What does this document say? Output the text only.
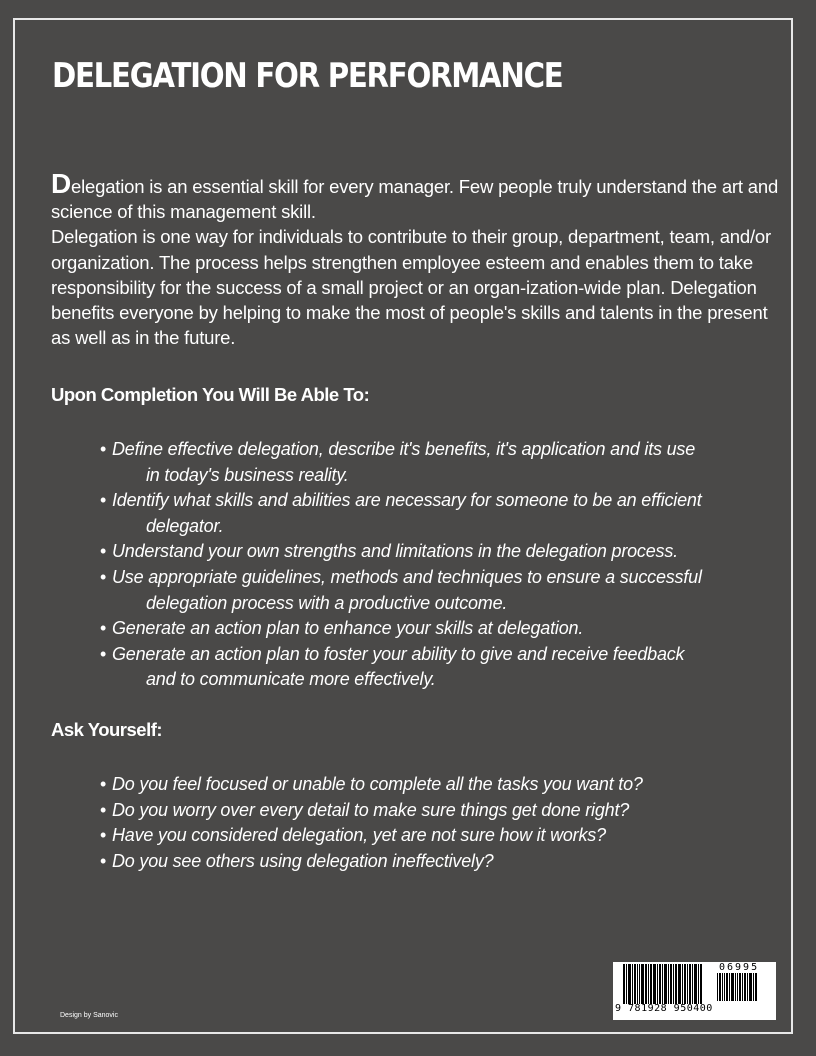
DELEGATION FOR PERFORMANCE

Delegation is an essential skill for every manager. Few people truly understand the art and science of this management skill.

Delegation is one way for individuals to contribute to their group, department, team, and/or organization. The process helps strengthen employee esteem and enables them to take responsibility for the success of a small project or an organ-ization-wide plan. Delegation benefits everyone by helping to make the most of people's skills and talents in the present as well as in the future.

Upon Completion You Will Be Able To:
• Define effective delegation, describe it's benefits, it's application and its use
in today's business reality.
• Identify what skills and abilities are necessary for someone to be an efficient
delegator.
• Understand your own strengths and limitations in the delegation process.
• Use appropriate guidelines, methods and techniques to ensure a successful
delegation process with a productive outcome.
• Generate an action plan to enhance your skills at delegation.
• Generate an action plan to foster your ability to give and receive feedback
and to communicate more effectively.
Ask Yourself:
• Do you feel focused or unable to complete all the tasks you want to?
• Do you worry over every detail to make sure things get done right?
• Have you considered delegation, yet are not sure how it works?
• Do you see others using delegation ineffectively?
Design by Sanovic
9 781928 950400
06995
